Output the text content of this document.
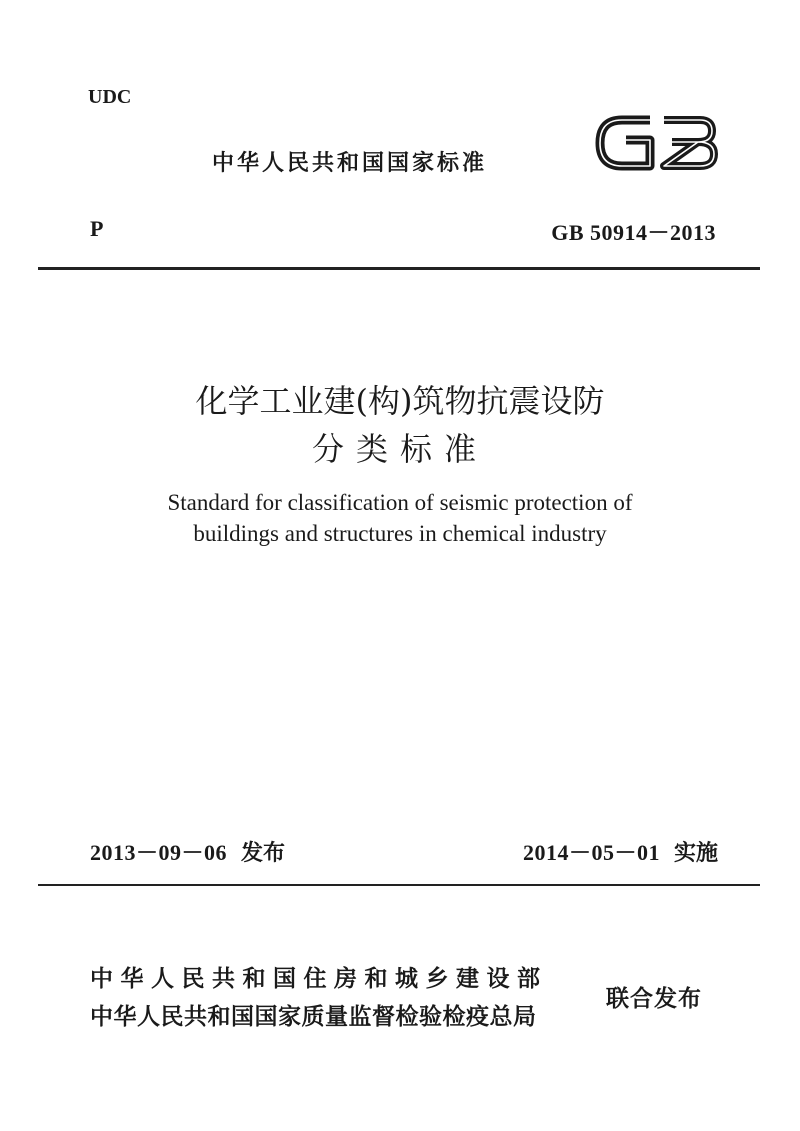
UDC
中华人民共和国国家标准
P	GB 50914－2013
化学工业建(构)筑物抗震设防
分类标准
Standard for classification of seismic protection of
buildings and structures in chemical industry
2013－09－06 发布	2014－05－01 实施
中华人民共和国住房和城乡建设部
中华人民共和国国家质量监督检验检疫总局
联合发布
